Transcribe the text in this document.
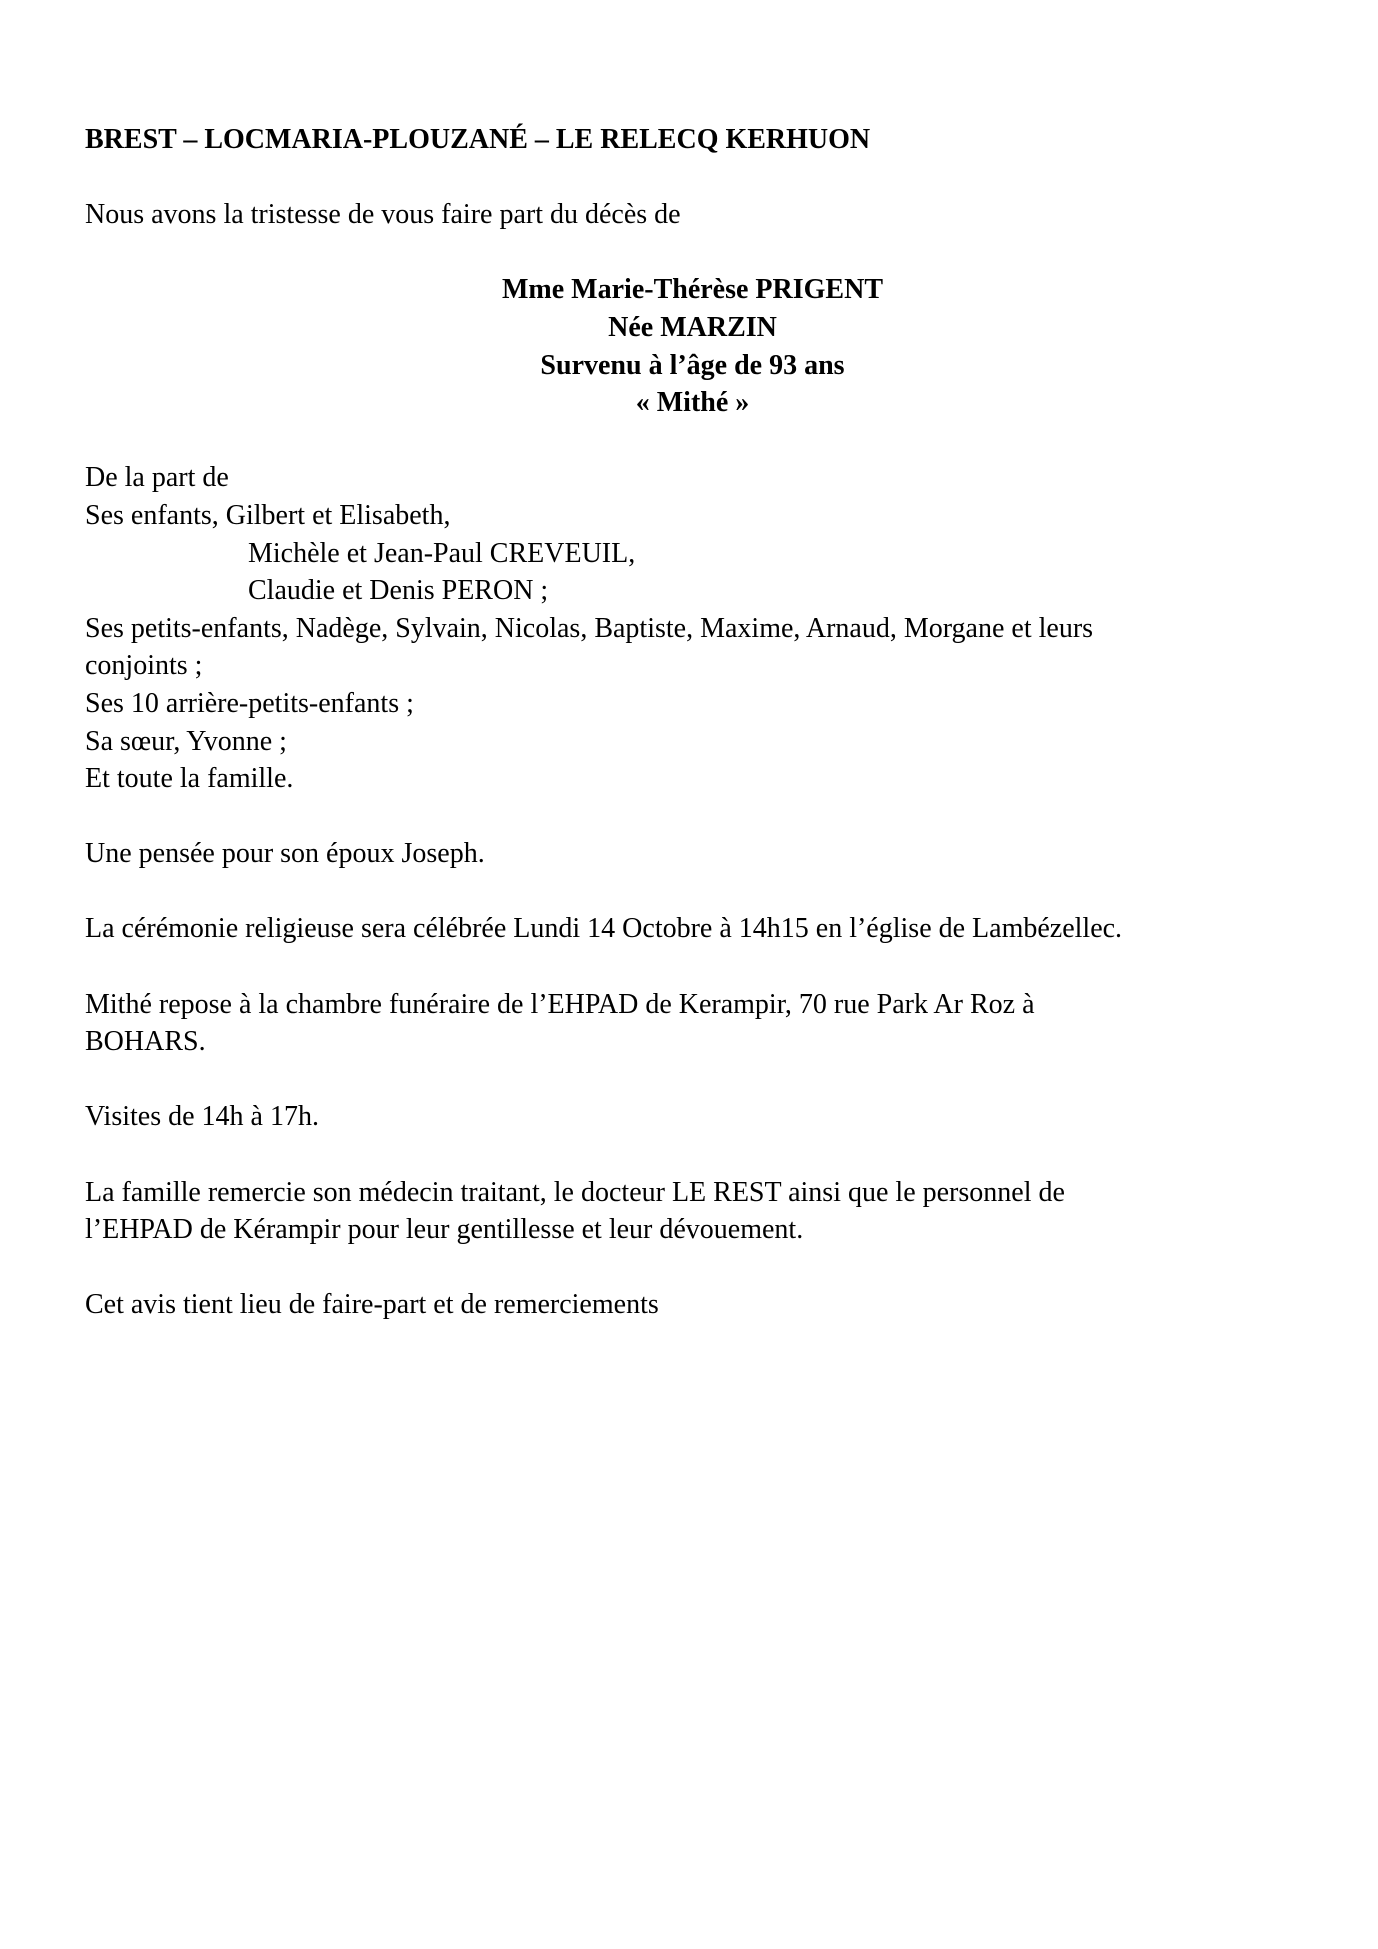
BREST – LOCMARIA-PLOUZANÉ – LE RELECQ KERHUON
Nous avons la tristesse de vous faire part du décès de
Mme Marie-Thérèse PRIGENT
Née MARZIN
Survenu à l’âge de 93 ans
« Mithé »
De la part de
Ses enfants, Gilbert et Elisabeth,
Michèle et Jean-Paul CREVEUIL,
Claudie et Denis PERON ;
Ses petits-enfants, Nadège, Sylvain, Nicolas, Baptiste, Maxime, Arnaud, Morgane et leurs
conjoints ;
Ses 10 arrière-petits-enfants ;
Sa sœur, Yvonne ;
Et toute la famille.
Une pensée pour son époux Joseph.
La cérémonie religieuse sera célébrée Lundi 14 Octobre à 14h15 en l’église de Lambézellec.
Mithé repose à la chambre funéraire de l’EHPAD de Kerampir, 70 rue Park Ar Roz à
BOHARS.
Visites de 14h à 17h.
La famille remercie son médecin traitant, le docteur LE REST ainsi que le personnel de
l’EHPAD de Kérampir pour leur gentillesse et leur dévouement.
Cet avis tient lieu de faire-part et de remerciements
